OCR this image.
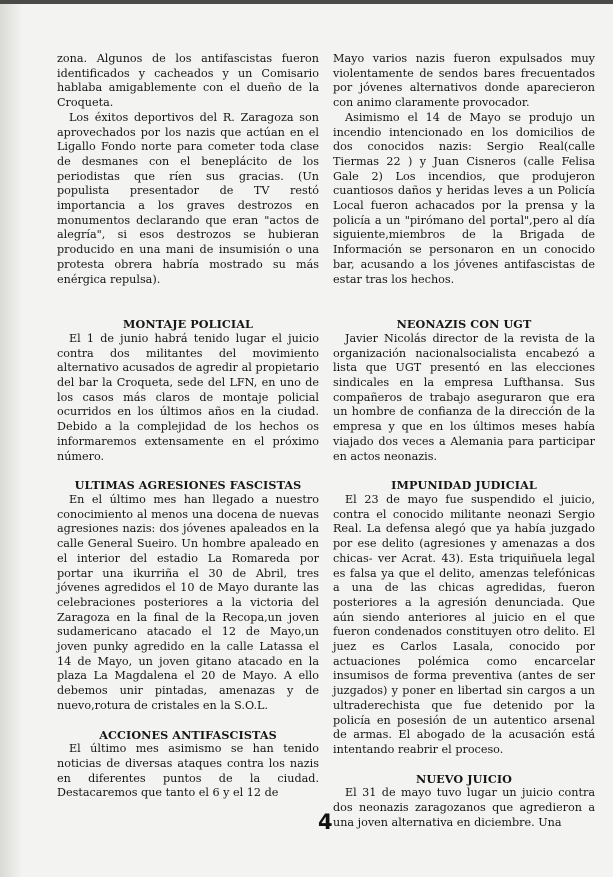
zona. Algunos de los antifascistas fueron identificados y cacheados y un Comisario hablaba amigablemente con el dueño de la Croqueta.

Los éxitos deportivos del R. Zaragoza son aprovechados por los nazis que actúan en el Ligallo Fondo norte para cometer toda clase de desmanes con el beneplácito de los periodistas que ríen sus gracias. (Un populista presentador de TV restó importancia a los graves destrozos en monumentos declarando que eran "actos de alegría", si esos destrozos se hubieran producido en una mani de insumisión o una protesta obrera habría mostrado su más enérgica repulsa).

MONTAJE POLICIAL

El 1 de junio habrá tenido lugar el juicio contra dos militantes del movimiento alternativo acusados de agredir al propietario del bar la Croqueta, sede del LFN, en uno de los casos más claros de montaje policial ocurridos en los últimos años en la ciudad. Debido a la complejidad de los hechos os informaremos extensamente en el próximo número.

ULTIMAS AGRESIONES FASCISTAS

En el último mes han llegado a nuestro conocimiento al menos una docena de nuevas agresiones nazis: dos jóvenes apaleados en la calle General Sueiro. Un hombre apaleado en el interior del estadio La Romareda por portar una ikurriña el 30 de Abril, tres jóvenes agredidos el 10 de Mayo durante las celebraciones posteriores a la victoria del Zaragoza en la final de la Recopa,un joven sudamericano atacado el 12 de Mayo,un joven punky agredido en la calle Latassa el 14 de Mayo, un joven gitano atacado en la plaza La Magdalena el 20 de Mayo. A ello debemos unir pintadas, amenazas y de nuevo,rotura de cristales en la S.O.L.

ACCIONES ANTIFASCISTAS

El último mes asimismo se han tenido noticias de diversas ataques contra los nazis en diferentes puntos de la ciudad. Destacaremos que tanto el 6 y el 12 de

Mayo varios nazis fueron expulsados muy violentamente de sendos bares frecuentados por jóvenes alternativos donde aparecieron con animo claramente provocador.

Asimismo el 14 de Mayo se produjo un incendio intencionado en los domicilios de dos conocidos nazis: Sergio Real(calle Tiermas 22 ) y Juan Cisneros (calle Felisa Gale 2) Los incendios, que produjeron cuantiosos daños y heridas leves a un Policía Local fueron achacados por la prensa y la policía a un "pirómano del portal",pero al día siguiente,miembros de la Brigada de Información se personaron en un conocido bar, acusando a los jóvenes antifascistas de estar tras los hechos.

NEONAZIS CON UGT

Javier Nicolás director de la revista de la organización nacionalsocialista encabezó a lista que UGT presentó en las elecciones sindicales en la empresa Lufthansa. Sus compañeros de trabajo aseguraron que era un hombre de confianza de la dirección de la empresa y que en los últimos meses había viajado dos veces a Alemania para participar en actos neonazis.

IMPUNIDAD JUDICIAL

El 23 de mayo fue suspendido el juicio, contra el conocido militante neonazi Sergio Real. La defensa alegó que ya había juzgado por ese delito (agresiones y amenazas a dos chicas- ver Acrat. 43). Esta triquiñuela legal es falsa ya que el delito, amenzas telefónicas a una de las chicas agredidas, fueron posteriores a la agresión denunciada. Que aún siendo anteriores al juicio en el que fueron condenados constituyen otro delito. El juez es Carlos Lasala, conocido por actuaciones polémica como encarcelar insumisos de forma preventiva (antes de ser juzgados) y poner en libertad sin cargos a un ultraderechista que fue detenido por la policía en posesión de un autentico arsenal de armas. El abogado de la acusación está intentando reabrir el proceso.

NUEVO JUICIO

El 31 de mayo tuvo lugar un juicio contra dos neonazis zaragozanos que agredieron a una joven alternativa en diciembre. Una

4
